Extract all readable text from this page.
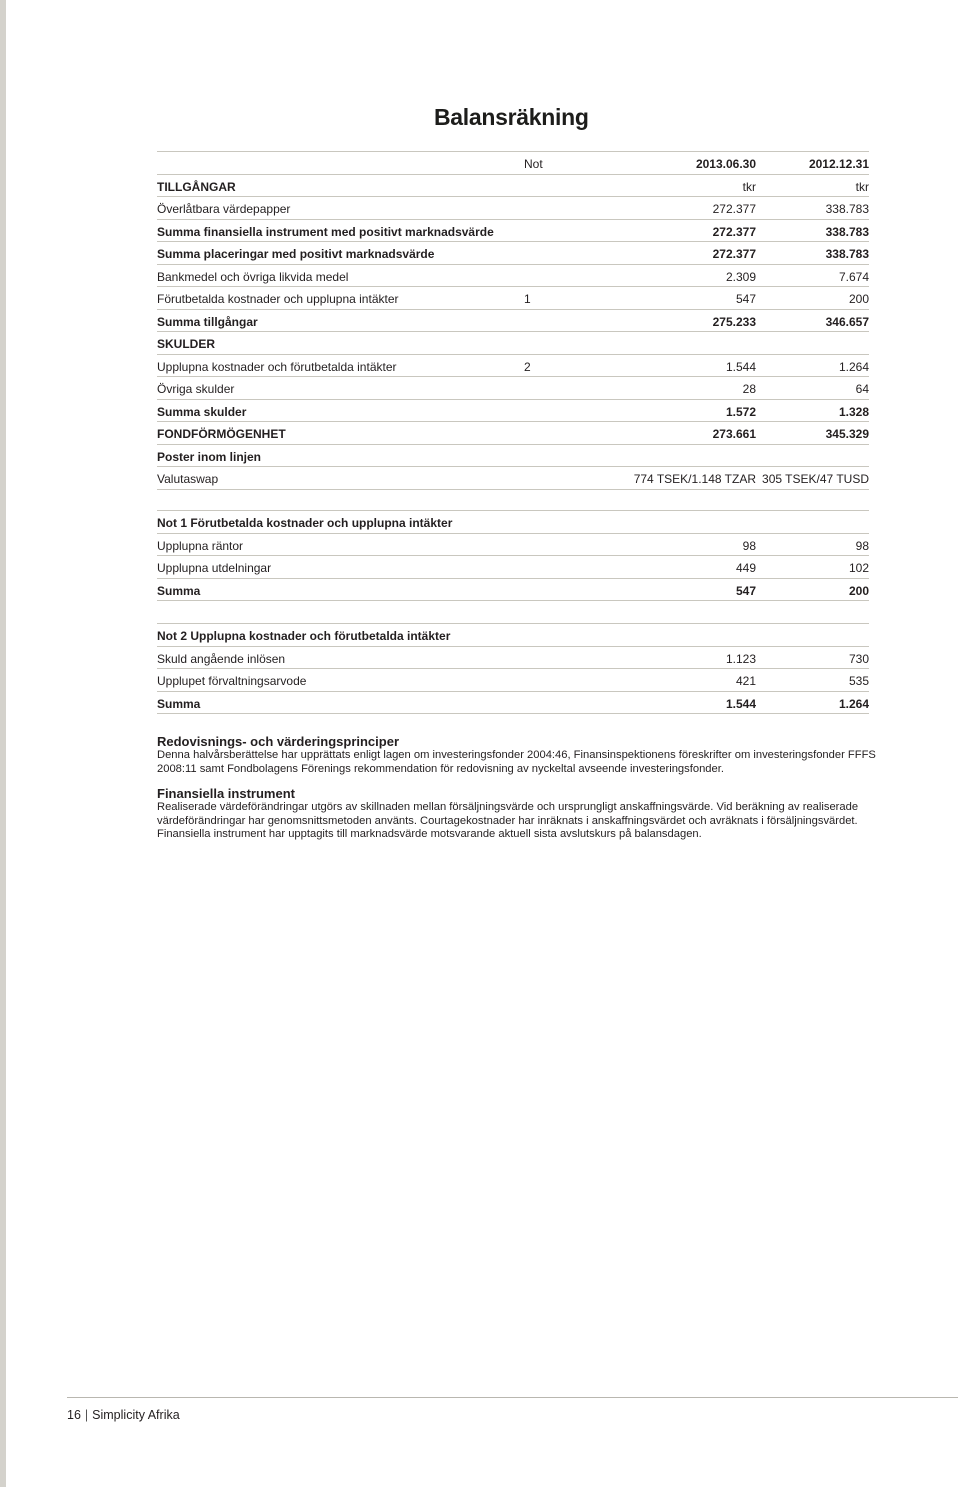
Balansräkning
Not	2013.06.30	2012.12.31
TILLGÅNGAR	tkr	tkr
Överlåtbara värdepapper	272.377	338.783
Summa finansiella instrument med positivt marknadsvärde	272.377	338.783
Summa placeringar med positivt marknadsvärde	272.377	338.783
Bankmedel och övriga likvida medel	2.309	7.674
Förutbetalda kostnader och upplupna intäkter	1	547	200
Summa tillgångar	275.233	346.657
SKULDER
Upplupna kostnader och förutbetalda intäkter	2	1.544	1.264
Övriga skulder	28	64
Summa skulder	1.572	1.328
FONDFÖRMÖGENHET	273.661	345.329
Poster inom linjen
Valutaswap	774 TSEK/1.148 TZAR 305 TSEK/47 TUSD
Not 1 Förutbetalda kostnader och upplupna intäkter
Upplupna räntor	98	98
Upplupna utdelningar	449	102
Summa	547	200
Not 2 Upplupna kostnader och förutbetalda intäkter
Skuld angående inlösen	1.123	730
Upplupet förvaltningsarvode	421	535
Summa	1.544	1.264
Redovisnings- och värderingsprinciper

Denna halvårsberättelse har upprättats enligt lagen om investeringsfonder 2004:46, Finansinspektionens föreskrifter om investeringsfonder FFFS 2008:11 samt Fondbolagens Förenings rekommendation för redovisning av nyckeltal avseende investeringsfonder.

Finansiella instrument

Realiserade värdeförändringar utgörs av skillnaden mellan försäljningsvärde och ursprungligt anskaffningsvärde. Vid beräkning av realiserade värdeförändringar har genomsnittsmetoden använts. Courtagekostnader har inräknats i anskaffningsvärdet och avräknats i försäljningsvärdet. Finansiella instrument har upptagits till marknadsvärde motsvarande aktuell sista avslutskurs på balansdagen.

16 | Simplicity Afrika
